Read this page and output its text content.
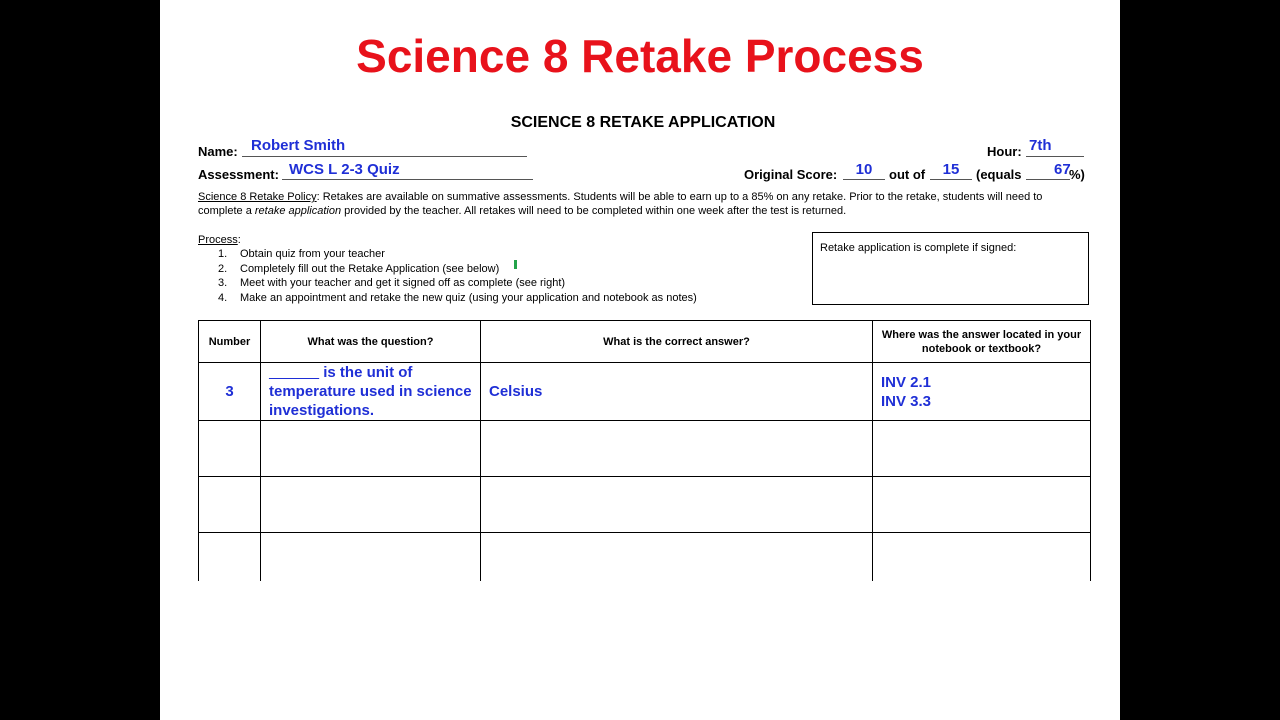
Science 8 Retake Process
SCIENCE 8 RETAKE APPLICATION
Name: Robert Smith	Hour: 7th
Assessment: WCS L 2-3 Quiz	Original Score:	10	out of	15	(equals 67
%)
Science 8 Retake Policy: Retakes are available on summative assessments. Students will be able to earn up to a 85% on any retake. Prior to the retake, students will need to complete a retake application provided by the teacher. All retakes will need to be completed within one week after the test is returned.
Process:
1.	Obtain quiz from your teacher
2.	Completely fill out the Retake Application (see below)
3.	Meet with your teacher and get it signed off as complete (see right)
4.	Make an appointment and retake the new quiz (using your application and notebook as notes)
Retake application is complete if signed:
Number	What was the question?	What is the correct answer?	Where was the answer located in your notebook or textbook?
3	______ is the unit of temperature used in science investigations.	Celsius	INV 2.1
INV 3.3
